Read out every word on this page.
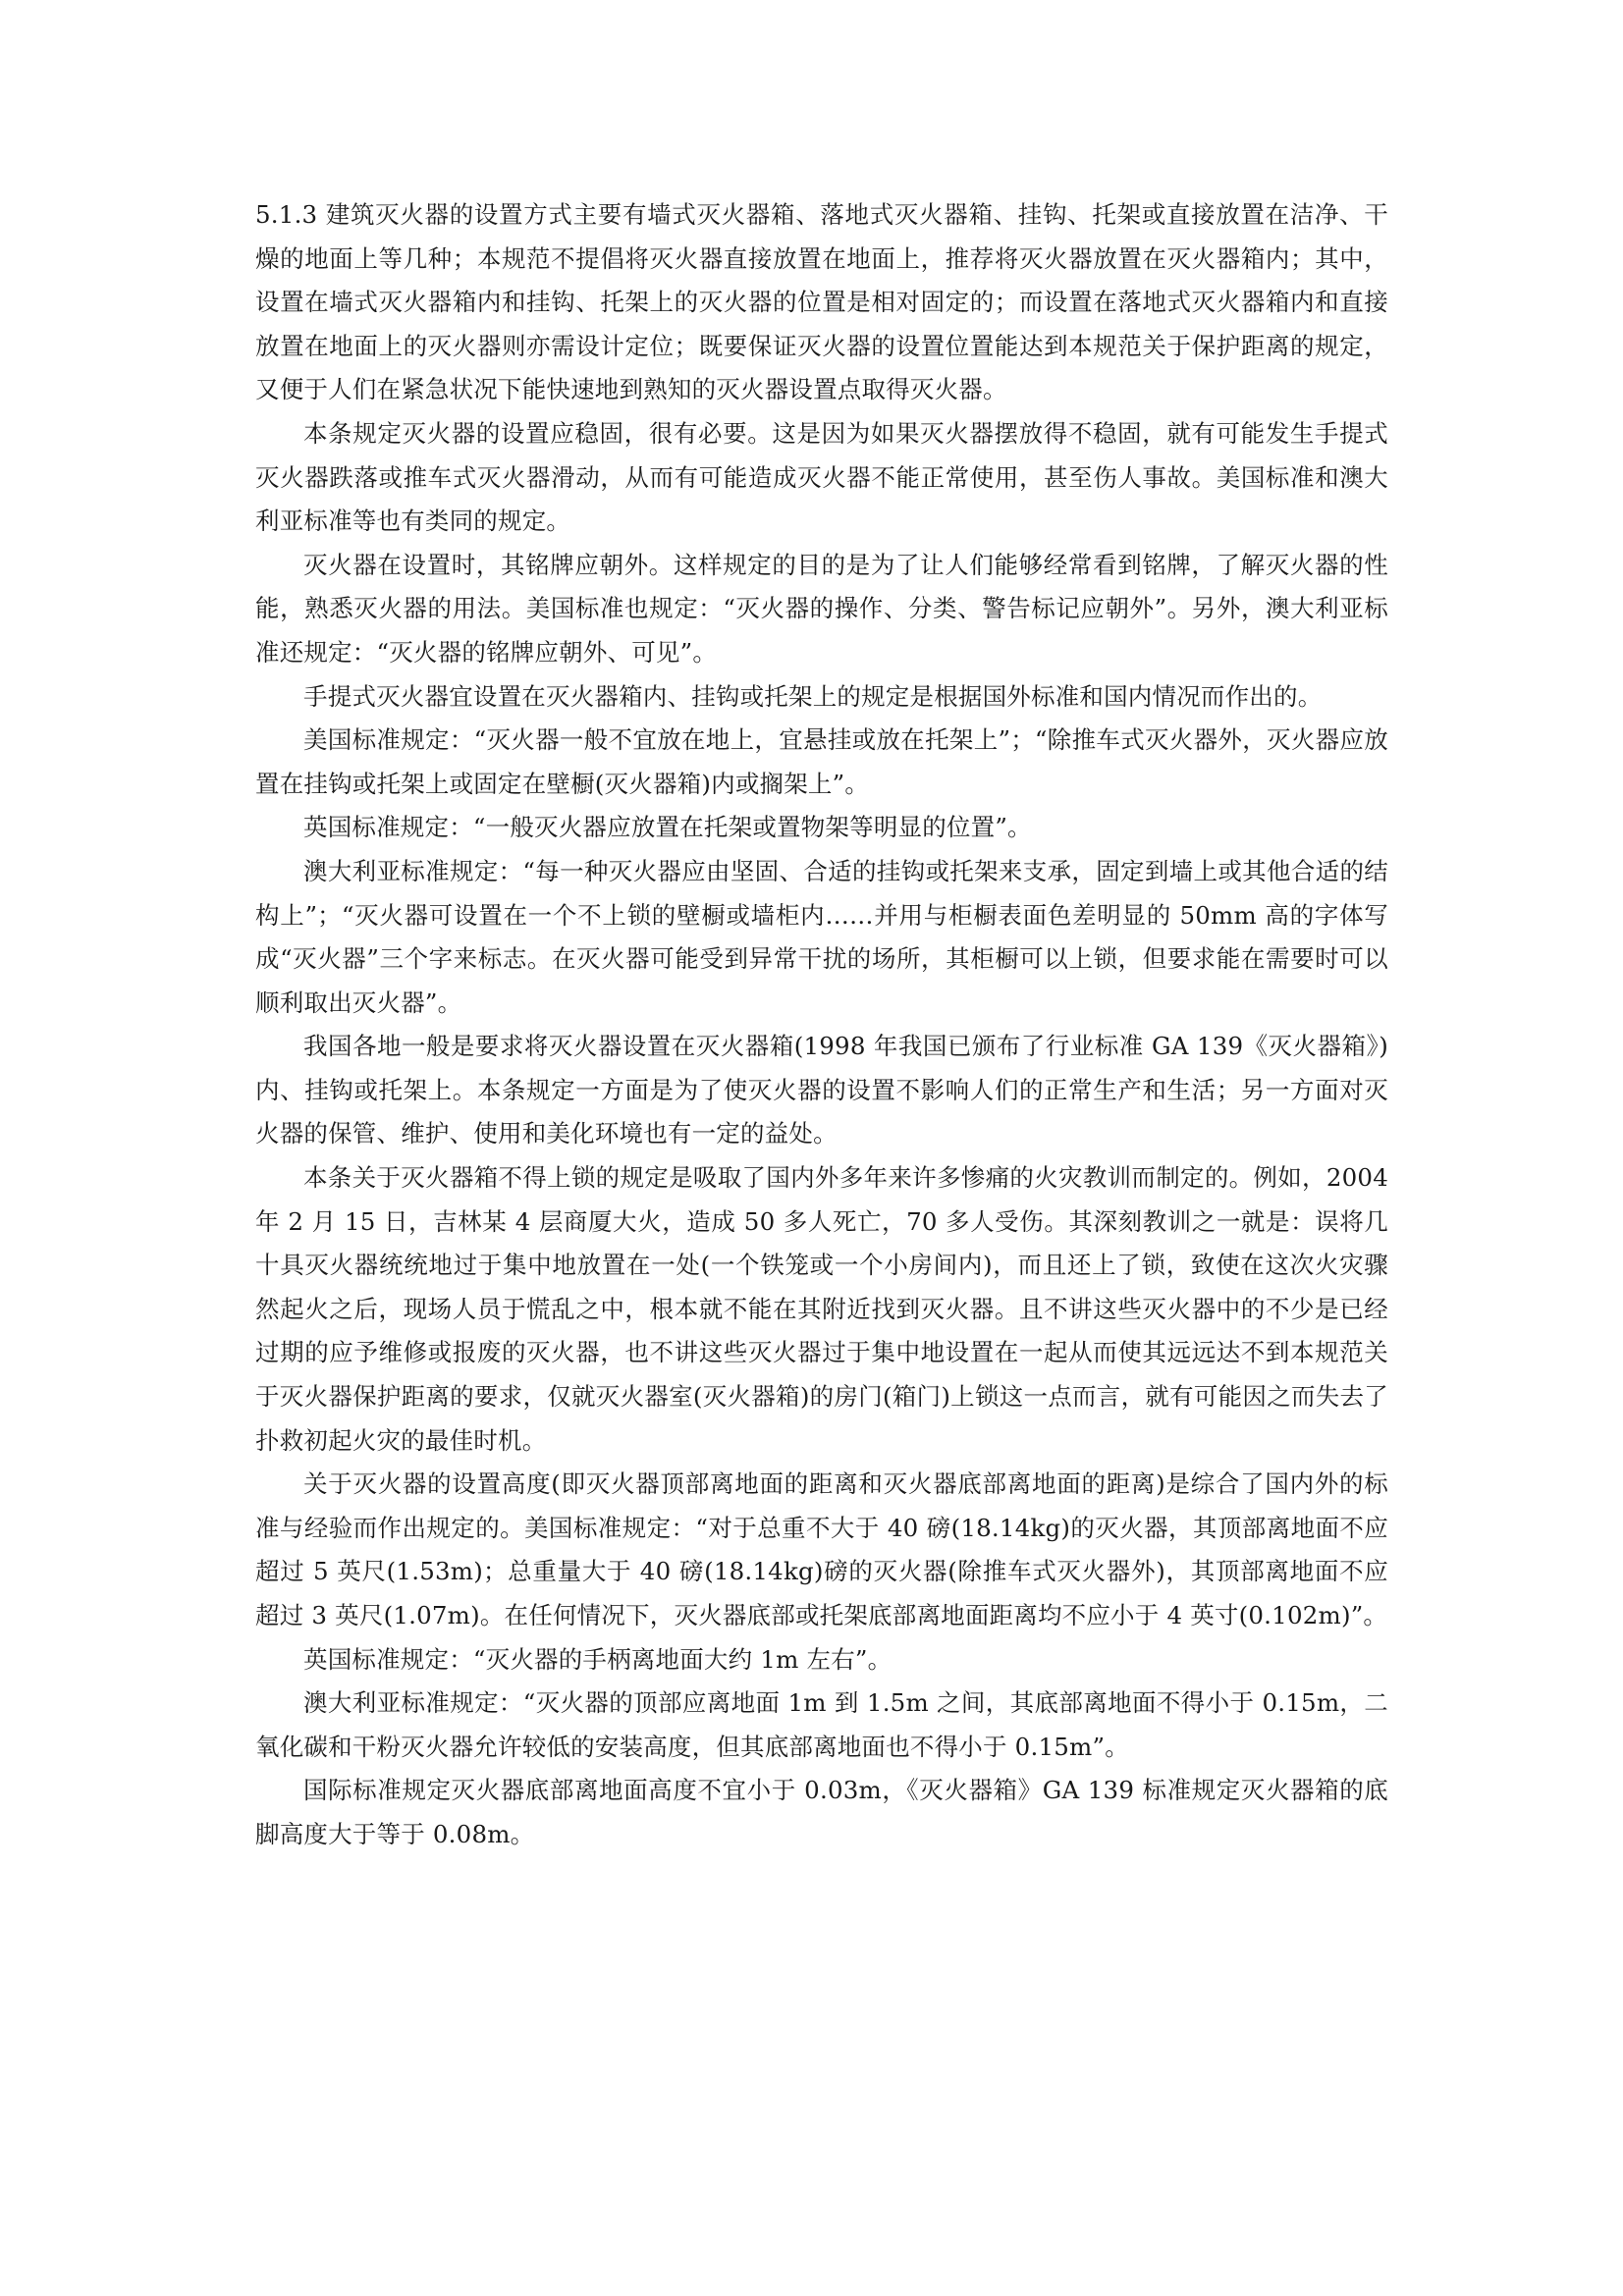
5.1.3 建筑灭火器的设置方式主要有墙式灭火器箱、落地式灭火器箱、挂钩、托架或直接放置在洁净、干燥的地面上等几种；本规范不提倡将灭火器直接放置在地面上，推荐将灭火器放置在灭火器箱内；其中，设置在墙式灭火器箱内和挂钩、托架上的灭火器的位置是相对固定的；而设置在落地式灭火器箱内和直接放置在地面上的灭火器则亦需设计定位；既要保证灭火器的设置位置能达到本规范关于保护距离的规定，又便于人们在紧急状况下能快速地到熟知的灭火器设置点取得灭火器。

本条规定灭火器的设置应稳固，很有必要。这是因为如果灭火器摆放得不稳固，就有可能发生手提式灭火器跌落或推车式灭火器滑动，从而有可能造成灭火器不能正常使用，甚至伤人事故。美国标准和澳大利亚标准等也有类同的规定。

灭火器在设置时，其铭牌应朝外。这样规定的目的是为了让人们能够经常看到铭牌，了解灭火器的性能，熟悉灭火器的用法。美国标准也规定：“灭火器的操作、分类、警告标记应朝外”。另外，澳大利亚标准还规定：“灭火器的铭牌应朝外、可见”。

手提式灭火器宜设置在灭火器箱内、挂钩或托架上的规定是根据国外标准和国内情况而作出的。

美国标准规定：“灭火器一般不宜放在地上，宜悬挂或放在托架上”；“除推车式灭火器外，灭火器应放置在挂钩或托架上或固定在壁橱(灭火器箱)内或搁架上”。

英国标准规定：“一般灭火器应放置在托架或置物架等明显的位置”。

澳大利亚标准规定：“每一种灭火器应由坚固、合适的挂钩或托架来支承，固定到墙上或其他合适的结构上”；“灭火器可设置在一个不上锁的壁橱或墙柜内……并用与柜橱表面色差明显的 50mm 高的字体写成“灭火器”三个字来标志。在灭火器可能受到异常干扰的场所，其柜橱可以上锁，但要求能在需要时可以顺利取出灭火器”。

我国各地一般是要求将灭火器设置在灭火器箱(1998 年我国已颁布了行业标准 GA 139《灭火器箱》)内、挂钩或托架上。本条规定一方面是为了使灭火器的设置不影响人们的正常生产和生活；另一方面对灭火器的保管、维护、使用和美化环境也有一定的益处。

本条关于灭火器箱不得上锁的规定是吸取了国内外多年来许多惨痛的火灾教训而制定的。例如，2004 年 2 月 15 日，吉林某 4 层商厦大火，造成 50 多人死亡，70 多人受伤。其深刻教训之一就是：误将几十具灭火器统统地过于集中地放置在一处(一个铁笼或一个小房间内)，而且还上了锁，致使在这次火灾骤然起火之后，现场人员于慌乱之中，根本就不能在其附近找到灭火器。且不讲这些灭火器中的不少是已经过期的应予维修或报废的灭火器，也不讲这些灭火器过于集中地设置在一起从而使其远远达不到本规范关于灭火器保护距离的要求，仅就灭火器室(灭火器箱)的房门(箱门)上锁这一点而言，就有可能因之而失去了扑救初起火灾的最佳时机。

关于灭火器的设置高度(即灭火器顶部离地面的距离和灭火器底部离地面的距离)是综合了国内外的标准与经验而作出规定的。美国标准规定：“对于总重不大于 40 磅(18.14kg)的灭火器，其顶部离地面不应超过 5 英尺(1.53m)；总重量大于 40 磅(18.14kg)磅的灭火器(除推车式灭火器外)，其顶部离地面不应超过 3 英尺(1.07m)。在任何情况下，灭火器底部或托架底部离地面距离均不应小于 4 英寸(0.102m)”。

英国标准规定：“灭火器的手柄离地面大约 1m 左右”。

澳大利亚标准规定：“灭火器的顶部应离地面 1m 到 1.5m 之间，其底部离地面不得小于 0.15m，二氧化碳和干粉灭火器允许较低的安装高度，但其底部离地面也不得小于 0.15m”。

国际标准规定灭火器底部离地面高度不宜小于 0.03m，《灭火器箱》GA 139 标准规定灭火器箱的底脚高度大于等于 0.08m。
